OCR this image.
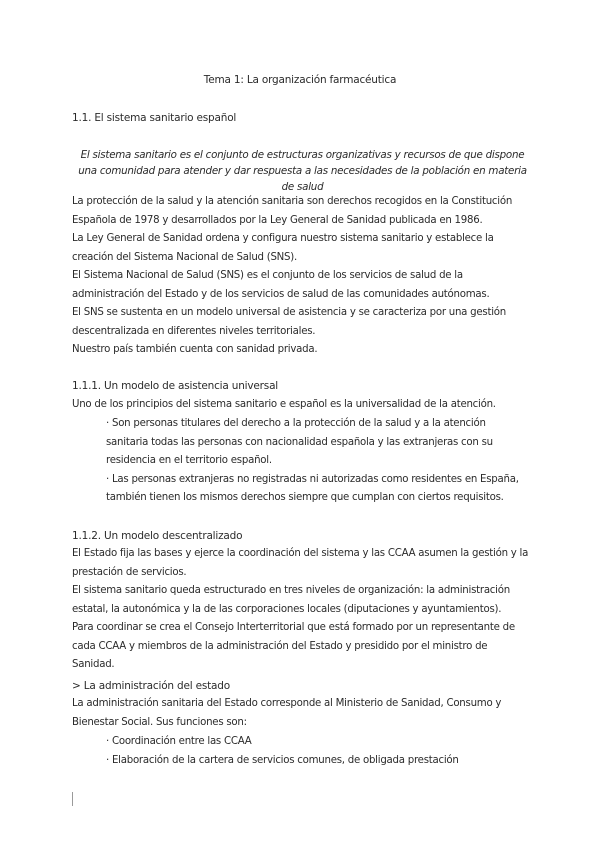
Tema 1: La organización farmacéutica
1.1. El sistema sanitario español
El sistema sanitario es el conjunto de estructuras organizativas y recursos de que dispone una comunidad para atender y dar respuesta a las necesidades de la población en materia de salud

La protección de la salud y la atención sanitaria son derechos recogidos en la Constitución Española de 1978 y desarrollados por la Ley General de Sanidad publicada en 1986.

La Ley General de Sanidad ordena y configura nuestro sistema sanitario y establece la creación del Sistema Nacional de Salud (SNS).

El Sistema Nacional de Salud (SNS) es el conjunto de los servicios de salud de la administración del Estado y de los servicios de salud de las comunidades autónomas.

El SNS se sustenta en un modelo universal de asistencia y se caracteriza por una gestión descentralizada en diferentes niveles territoriales.

Nuestro país también cuenta con sanidad privada.

1.1.1. Un modelo de asistencia universal

Uno de los principios del sistema sanitario e español es la universalidad de la atención.

· Son personas titulares del derecho a la protección de la salud y a la atención sanitaria todas las personas con nacionalidad española y las extranjeras con su residencia en el territorio español.

· Las personas extranjeras no registradas ni autorizadas como residentes en España, también tienen los mismos derechos siempre que cumplan con ciertos requisitos.

1.1.2. Un modelo descentralizado

El Estado fija las bases y ejerce la coordinación del sistema y las CCAA asumen la gestión y la prestación de servicios.

El sistema sanitario queda estructurado en tres niveles de organización: la administración estatal, la autonómica y la de las corporaciones locales (diputaciones y ayuntamientos).

Para coordinar se crea el Consejo Interterritorial que está formado por un representante de cada CCAA y miembros de la administración del Estado y presidido por el ministro de Sanidad.

> La administración del estado

La administración sanitaria del Estado corresponde al Ministerio de Sanidad, Consumo y Bienestar Social. Sus funciones son:

· Coordinación entre las CCAA

· Elaboración de la cartera de servicios comunes, de obligada prestación
